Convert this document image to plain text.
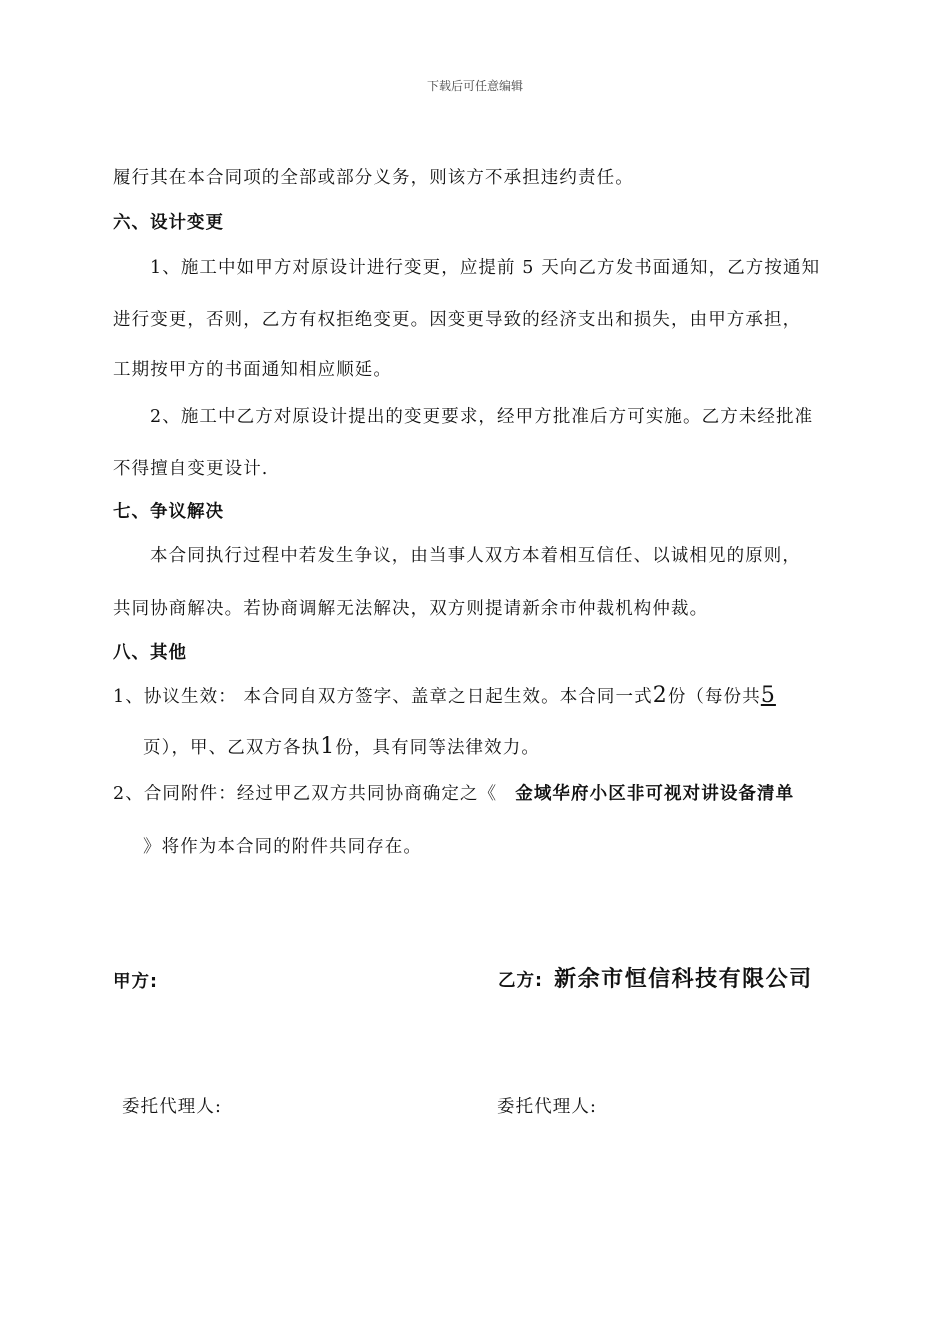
下载后可任意编辑
履行其在本合同项的全部或部分义务，则该方不承担违约责任。
六、设计变更
1、施工中如甲方对原设计进行变更，应提前 5 天向乙方发书面通知，乙方按通知
进行变更，否则，乙方有权拒绝变更。因变更导致的经济支出和损失，由甲方承担，
工期按甲方的书面通知相应顺延。
2、施工中乙方对原设计提出的变更要求，经甲方批准后方可实施。乙方未经批准
不得擅自变更设计.
七、争议解决
本合同执行过程中若发生争议，由当事人双方本着相互信任、以诚相见的原则，
共同协商解决。若协商调解无法解决，双方则提请新余市仲裁机构仲裁。
八、其他
1、协议生效： 本合同自双方签字、盖章之日起生效。本合同一式2份（每份共5
页），甲、乙双方各执1份，具有同等法律效力。
2、合同附件：经过甲乙双方共同协商确定之《 金域华府小区非可视对讲设备清单
》将作为本合同的附件共同存在。
甲方:	乙方: 新余市恒信科技有限公司
委托代理人:	委托代理人:
